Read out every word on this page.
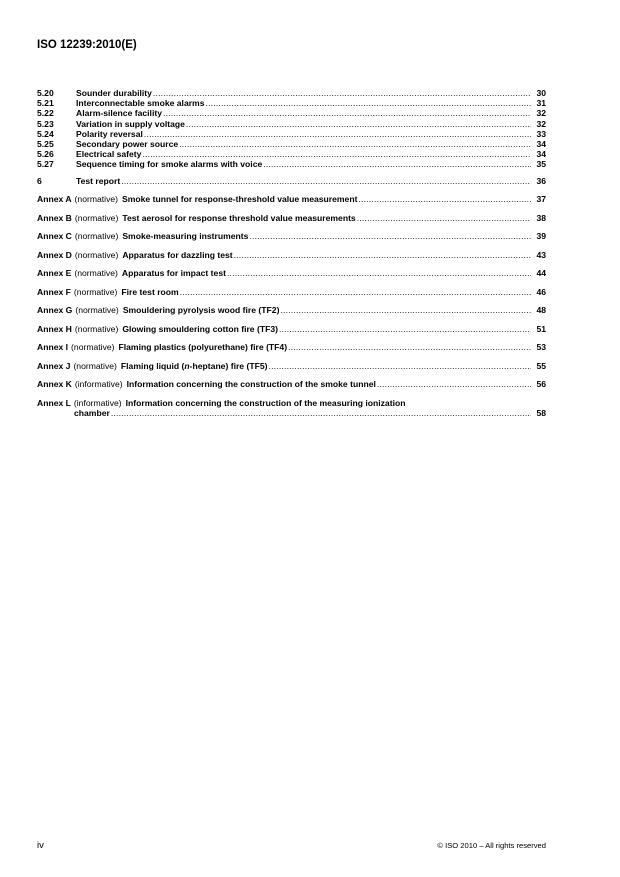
ISO 12239:2010(E)
5.20	Sounder durability .....	30
5.21	Interconnectable smoke alarms .....	31
5.22	Alarm-silence facility .....	32
5.23	Variation in supply voltage .....	32
5.24	Polarity reversal .....	33
5.25	Secondary power source .....	34
5.26	Electrical safety .....	34
5.27	Sequence timing for smoke alarms with voice .....	35
6	Test report .....	36
Annex A (normative) Smoke tunnel for response-threshold value measurement .....	37
Annex B (normative) Test aerosol for response threshold value measurements .....	38
Annex C (normative) Smoke-measuring instruments .....	39
Annex D (normative) Apparatus for dazzling test .....	43
Annex E (normative) Apparatus for impact test .....	44
Annex F (normative) Fire test room .....	46
Annex G (normative) Smouldering pyrolysis wood fire (TF2) .....	48
Annex H (normative) Glowing smouldering cotton fire (TF3) .....	51
Annex I (normative) Flaming plastics (polyurethane) fire (TF4) .....	53
Annex J (normative) Flaming liquid (n-heptane) fire (TF5) .....	55
Annex K (informative) Information concerning the construction of the smoke tunnel .....	56
Annex L (informative) Information concerning the construction of the measuring ionization
chamber .....	58
iv	© ISO 2010 – All rights reserved
